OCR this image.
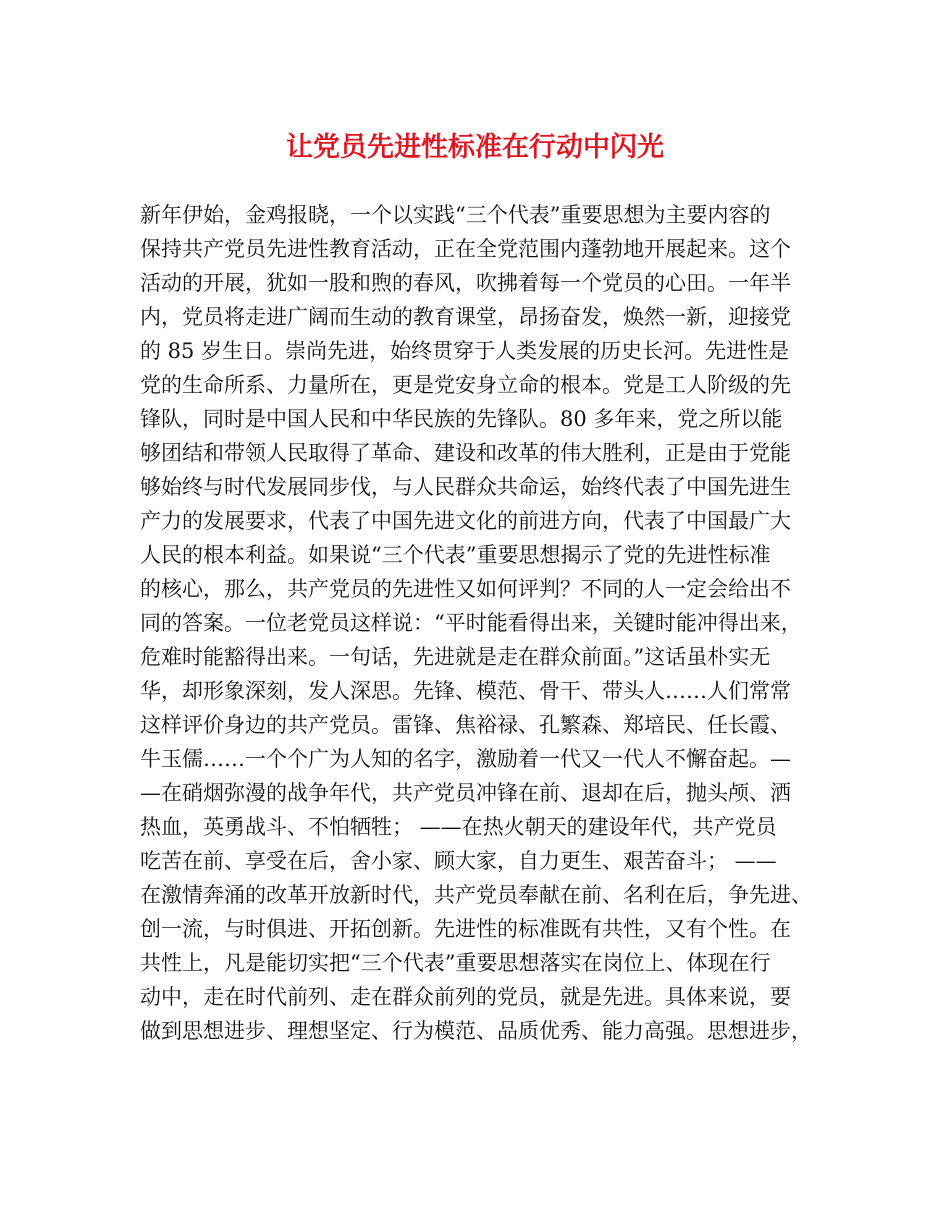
让党员先进性标准在行动中闪光
新年伊始，金鸡报晓，一个以实践“三个代表”重要思想为主要内容的
保持共产党员先进性教育活动，正在全党范围内蓬勃地开展起来。这个
活动的开展，犹如一股和煦的春风，吹拂着每一个党员的心田。一年半
内，党员将走进广阔而生动的教育课堂，昂扬奋发，焕然一新，迎接党
的 85 岁生日。崇尚先进，始终贯穿于人类发展的历史长河。先进性是
党的生命所系、力量所在，更是党安身立命的根本。党是工人阶级的先
锋队，同时是中国人民和中华民族的先锋队。80 多年来，党之所以能
够团结和带领人民取得了革命、建设和改革的伟大胜利，正是由于党能
够始终与时代发展同步伐，与人民群众共命运，始终代表了中国先进生
产力的发展要求，代表了中国先进文化的前进方向，代表了中国最广大
人民的根本利益。如果说“三个代表”重要思想揭示了党的先进性标准
的核心，那么，共产党员的先进性又如何评判？不同的人一定会给出不
同的答案。一位老党员这样说：“平时能看得出来，关键时能冲得出来，
危难时能豁得出来。一句话，先进就是走在群众前面。”这话虽朴实无
华，却形象深刻，发人深思。先锋、模范、骨干、带头人……人们常常
这样评价身边的共产党员。雷锋、焦裕禄、孔繁森、郑培民、任长霞、
牛玉儒……一个个广为人知的名字，激励着一代又一代人不懈奋起。—
—在硝烟弥漫的战争年代，共产党员冲锋在前、退却在后，抛头颅、洒
热血，英勇战斗、不怕牺牲； ——在热火朝天的建设年代，共产党员
吃苦在前、享受在后，舍小家、顾大家，自力更生、艰苦奋斗； ——
在激情奔涌的改革开放新时代，共产党员奉献在前、名利在后，争先进、
创一流，与时俱进、开拓创新。先进性的标准既有共性，又有个性。在
共性上，凡是能切实把“三个代表”重要思想落实在岗位上、体现在行
动中，走在时代前列、走在群众前列的党员，就是先进。具体来说，要
做到思想进步、理想坚定、行为模范、品质优秀、能力高强。思想进步，
